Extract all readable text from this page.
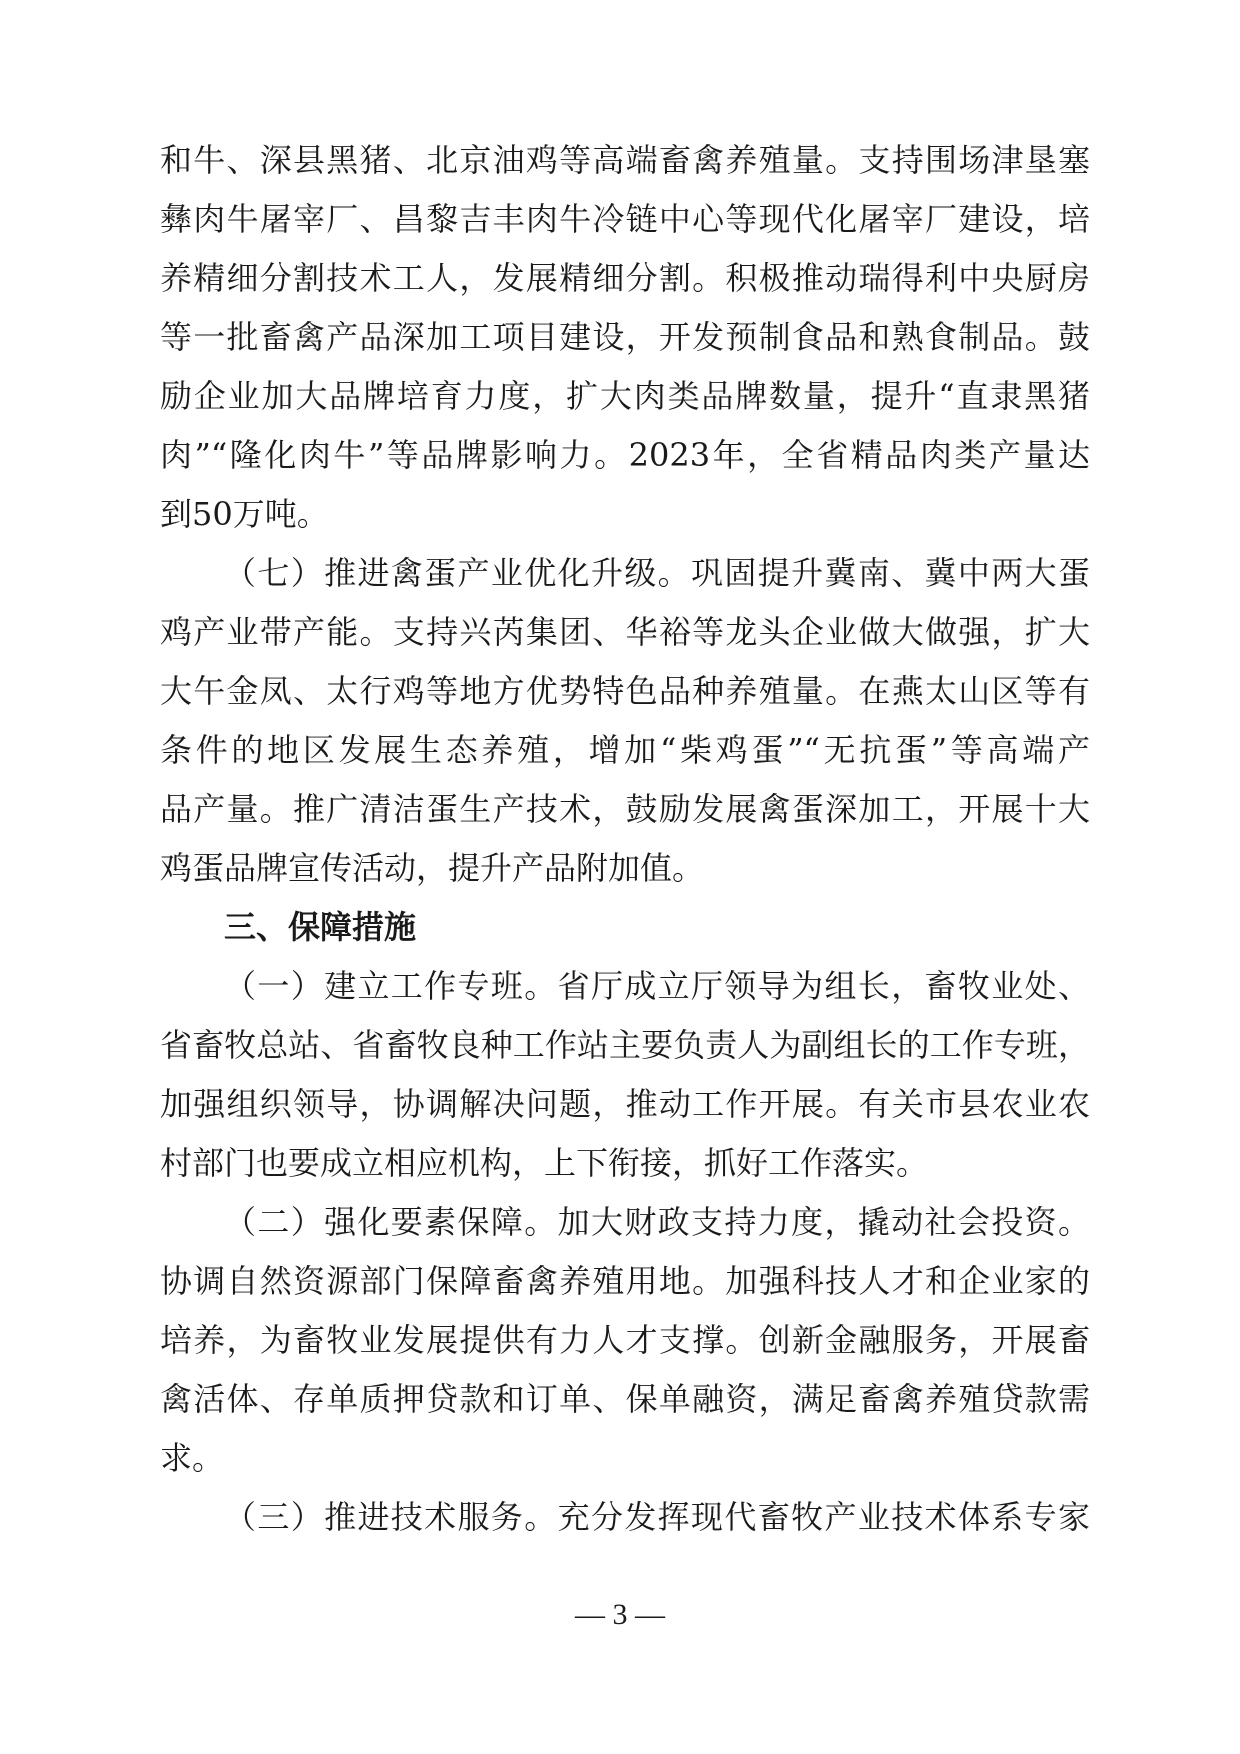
和牛、深县黑猪、北京油鸡等高端畜禽养殖量。支持围场津垦塞
彝肉牛屠宰厂、昌黎吉丰肉牛冷链中心等现代化屠宰厂建设，培
养精细分割技术工人，发展精细分割。积极推动瑞得利中央厨房
等一批畜禽产品深加工项目建设，开发预制食品和熟食制品。鼓
励企业加大品牌培育力度，扩大肉类品牌数量，提升“直隶黑猪
肉”“隆化肉牛”等品牌影响力。2023年，全省精品肉类产量达
到50万吨。
（七）推进禽蛋产业优化升级。巩固提升冀南、冀中两大蛋
鸡产业带产能。支持兴芮集团、华裕等龙头企业做大做强，扩大
大午金凤、太行鸡等地方优势特色品种养殖量。在燕太山区等有
条件的地区发展生态养殖，增加“柴鸡蛋”“无抗蛋”等高端产
品产量。推广清洁蛋生产技术，鼓励发展禽蛋深加工，开展十大
鸡蛋品牌宣传活动，提升产品附加值。
三、保障措施
（一）建立工作专班。省厅成立厅领导为组长，畜牧业处、
省畜牧总站、省畜牧良种工作站主要负责人为副组长的工作专班，
加强组织领导，协调解决问题，推动工作开展。有关市县农业农
村部门也要成立相应机构，上下衔接，抓好工作落实。
（二）强化要素保障。加大财政支持力度，撬动社会投资。
协调自然资源部门保障畜禽养殖用地。加强科技人才和企业家的
培养，为畜牧业发展提供有力人才支撑。创新金融服务，开展畜
禽活体、存单质押贷款和订单、保单融资，满足畜禽养殖贷款需
求。
（三）推进技术服务。充分发挥现代畜牧产业技术体系专家
— 3 —
